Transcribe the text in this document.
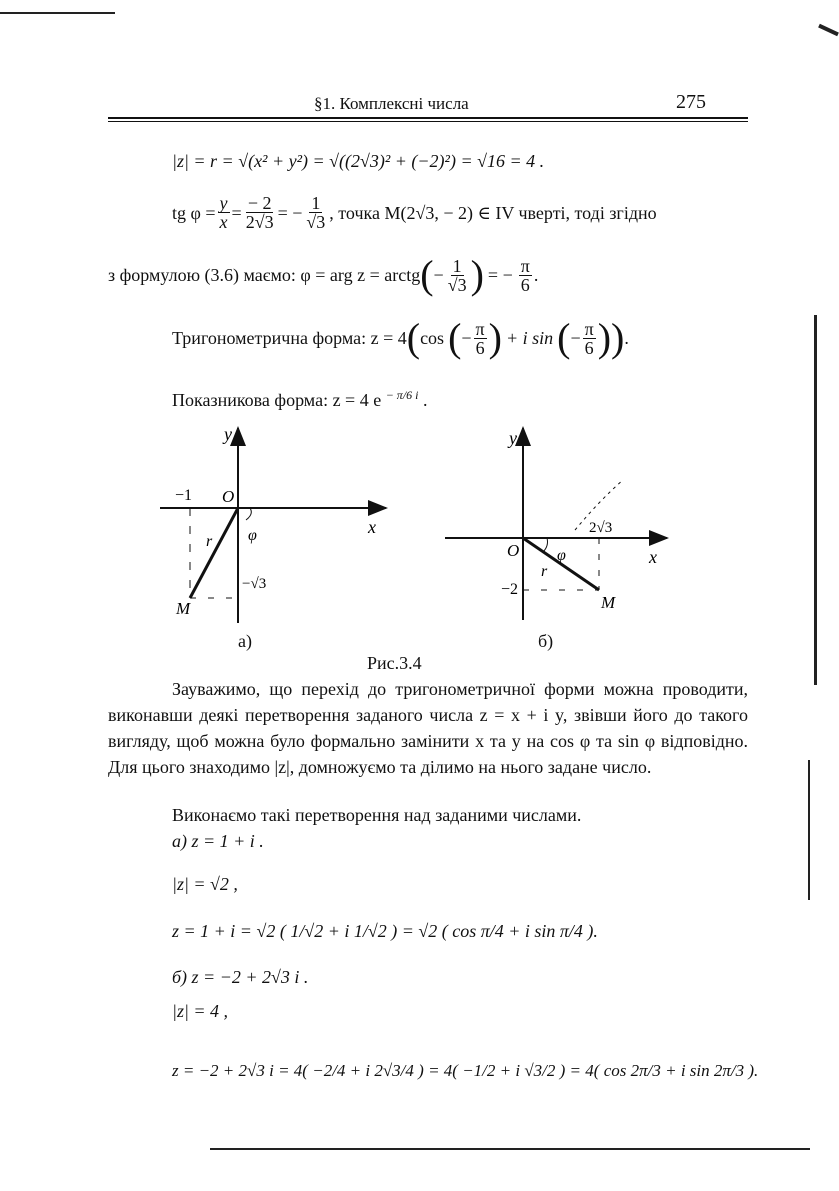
§1. Комплексні числа	275
|z| = r = √(x² + y²) = √((2√3)² + (−2)²) = √16 = 4 .
tg $\varphi = \frac{y}{x} = \frac{- 2}{2√3}$ = − $\frac{1}{√3}$ , точка M(2√3, − 2) ∈ IV чверті, тоді згідно
з формулою (3.6) маємо: φ = arg z = arctg ( − $\frac{1}{√3}$ ) = − $\frac{\pi}{6}$ .
Тригонометрична форма: z = 4 ( cos ( − $\frac{\pi}{6}$ ) + i sin ( − $\frac{\pi}{6}$ )) .
Показникова форма: z = 4 e $^{- \pi/6 i}$ .
y
x
O
−1
−√3
r φ
M
y
x
O
2√3
−2
r
φ
M
а)	б)
Рис.3.4
Зауважимо, що перехід до тригонометричної форми можна проводити, виконавши деякі перетворення заданого числа z = x + i y, звівши його до такого вигляду, щоб можна було формально замінити x та y на cos φ та sin φ відповідно. Для цього знаходимо |z|, домножуємо та ділимо на нього задане число.
Виконаємо такі перетворення над заданими числами.
а) z = 1 + i .
|z| = √2 ,
z = 1 + i = √2 ( 1/√2 + i 1/√2 ) = √2 ( cos π/4 + i sin π/4 ).
б) z = −2 + 2√3 i .
|z| = 4 ,
z = −2 + 2√3 i = 4( −2/4 + i 2√3/4 ) = 4( −1/2 + i √3/2 ) = 4( cos 2π/3 + i sin 2π/3 ).
